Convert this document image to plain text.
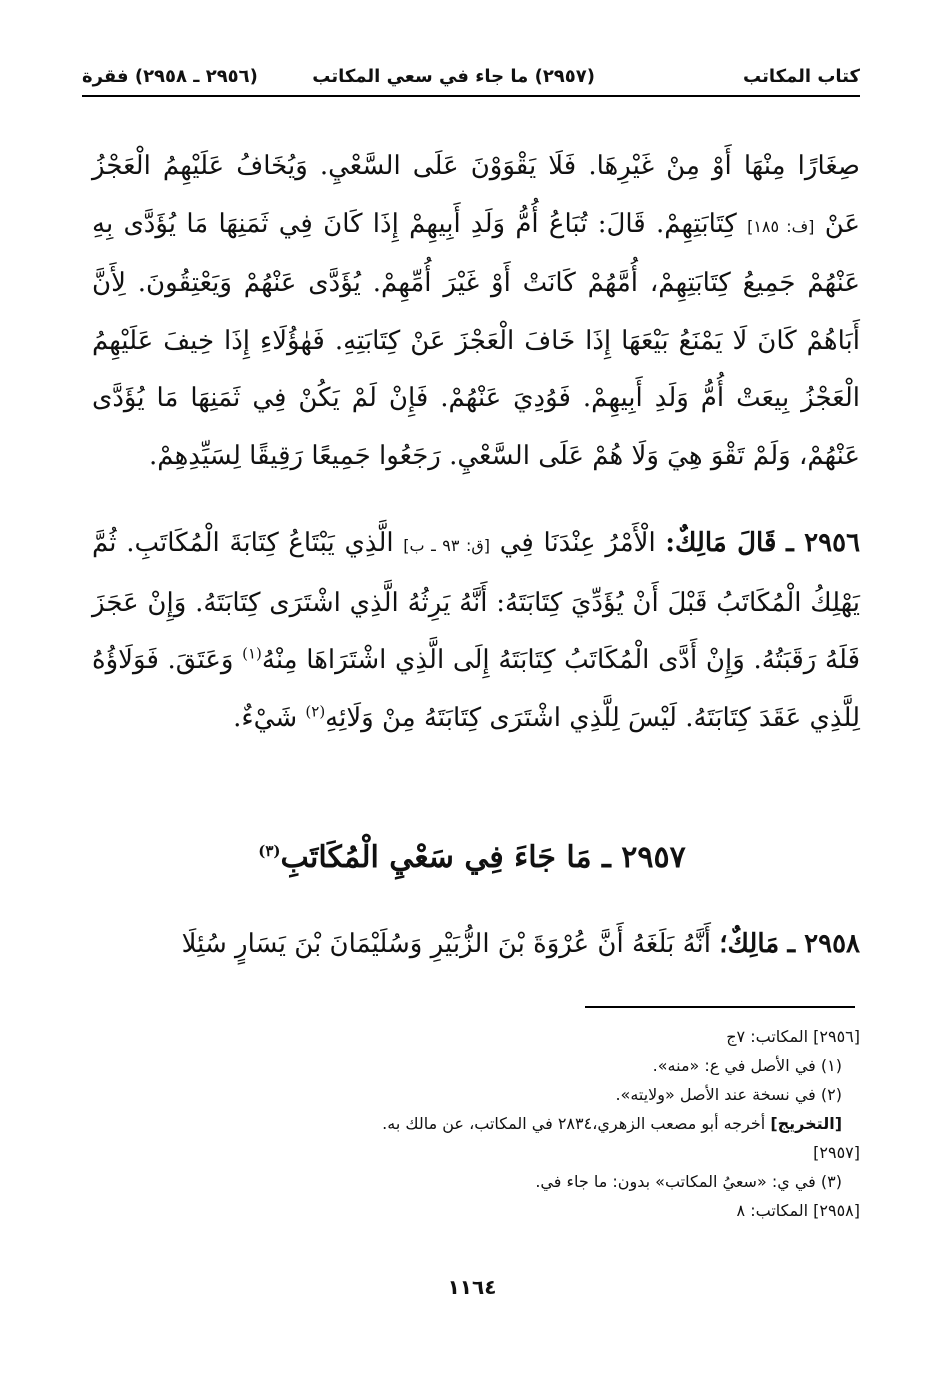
كتاب المكاتب
(٢٩٥٧) ما جاء في سعي المكاتب
(٢٩٥٦ ـ ٢٩٥٨) فقرة

صِغَارًا مِنْهَا أَوْ مِنْ غَيْرِهَا. فَلَا يَقْوَوْنَ عَلَى السَّعْيِ. وَيُخَافُ عَلَيْهِمُ الْعَجْزُ عَنْ [ف: ١٨٥] كِتَابَتِهِمْ. قَالَ: تُبَاعُ أُمُّ وَلَدِ أَبِيهِمْ إِذَا كَانَ فِي ثَمَنِهَا مَا يُؤَدَّى بِهِ عَنْهُمْ جَمِيعُ كِتَابَتِهِمْ، أُمَّهُمْ كَانَتْ أَوْ غَيْرَ أُمِّهِمْ. يُؤَدَّى عَنْهُمْ وَيَعْتِقُونَ. لِأَنَّ أَبَاهُمْ كَانَ لَا يَمْنَعُ بَيْعَهَا إِذَا خَافَ الْعَجْزَ عَنْ كِتَابَتِهِ. فَهٰؤُلَاءِ إِذَا خِيفَ عَلَيْهِمُ الْعَجْزُ بِيعَتْ أُمُّ وَلَدِ أَبِيهِمْ. فَوُدِيَ عَنْهُمْ. فَإِنْ لَمْ يَكُنْ فِي ثَمَنِهَا مَا يُؤَدَّى عَنْهُمْ، وَلَمْ تَقْوَ هِيَ وَلَا هُمْ عَلَى السَّعْيِ. رَجَعُوا جَمِيعًا رَقِيقًا لِسَيِّدِهِمْ.

٢٩٥٦ ـ قَالَ مَالِكٌ: الْأَمْرُ عِنْدَنَا فِي [ق: ٩٣ ـ ب] الَّذِي يَبْتَاعُ كِتَابَةَ الْمُكَاتَبِ. ثُمَّ يَهْلِكُ الْمُكَاتَبُ قَبْلَ أَنْ يُؤَدِّيَ كِتَابَتَهُ: أَنَّهُ يَرِثُهُ الَّذِي اشْتَرَى كِتَابَتَهُ. وَإِنْ عَجَزَ فَلَهُ رَقَبَتُهُ. وَإِنْ أَدَّى الْمُكَاتَبُ كِتَابَتَهُ إِلَى الَّذِي اشْتَرَاهَا مِنْهُ$^{(١)}$ وَعَتَقَ. فَوَلَاؤُهُ لِلَّذِي عَقَدَ كِتَابَتَهُ. لَيْسَ لِلَّذِي اشْتَرَى كِتَابَتَهُ مِنْ وَلَائِهِ$^{(٢)}$ شَيْءٌ.

٢٩٥٧ ـ مَا جَاءَ فِي سَعْيِ الْمُكَاتَبِ$^{(٣)}$
٢٩٥٨ ـ مَالِكٌ؛ أَنَّهُ بَلَغَهُ أَنَّ عُرْوَةَ بْنَ الزُّبَيْرِ وَسُلَيْمَانَ بْنَ يَسَارٍ سُئِلَا
[٢٩٥٦] المكاتب: ٧ج
(١) في الأصل في ع: «منه».
(٢) في نسخة عند الأصل «ولايته».
[التخريج] أخرجه أبو مصعب الزهري،٢٨٣٤ في المكاتب، عن مالك به.
[٢٩٥٧]
(٣) في ي: «سعيُ المكاتب» بدون: ما جاء في.
[٢٩٥٨] المكاتب: ٨
١١٦٤
